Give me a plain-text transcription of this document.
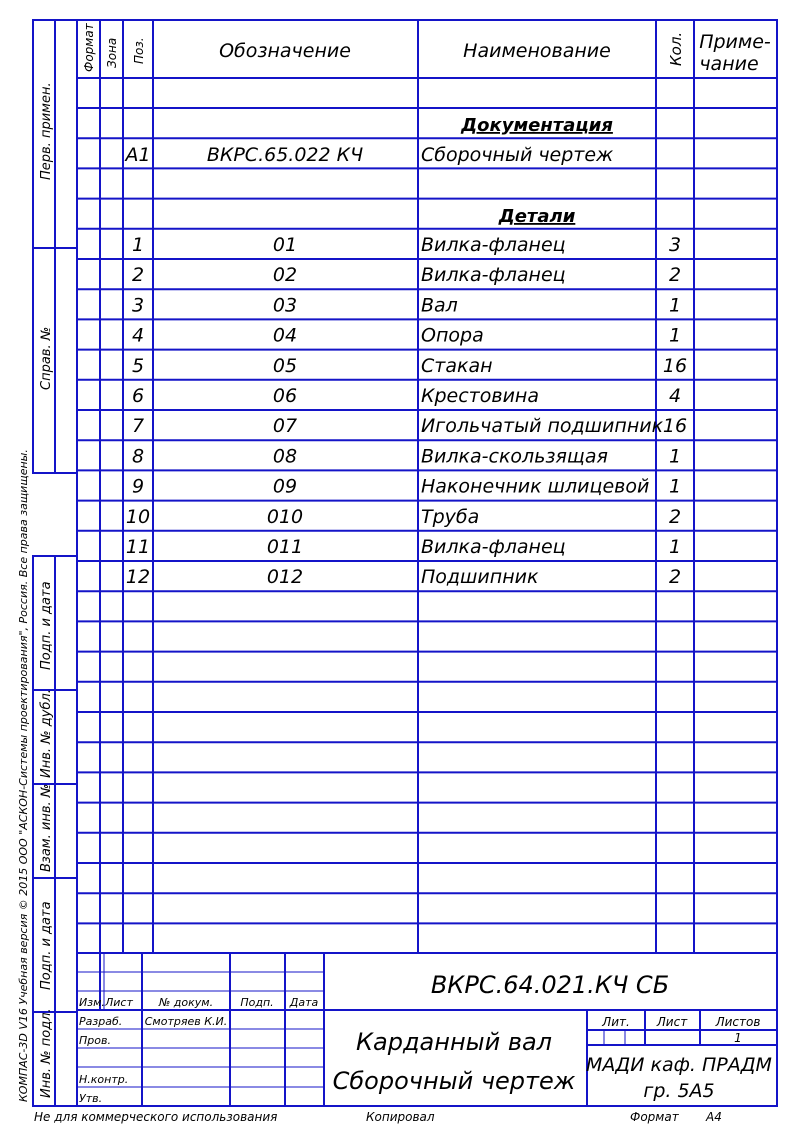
Формат Зона Поз.	Обозначение	Наименование	Кол. Приме-
чание
Перв. примен.
Справ. №
Подп. и дата
Инв. № дубл.
Взам. инв. №
Подп. и дата
Инв. № подл.
КОМПАС-3D V16 Учебная версия © 2015 ООО "АСКОН-Системы проектирования", Россия. Все права защищены.
Документация
А1	ВКРС.65.022 КЧ	Сборочный чертеж
Детали
1	01	Вилка-фланец	3
2	02	Вилка-фланец	2
3	03	Вал	1
4	04	Опора	1
5	05	Стакан	16
6	06	Крестовина	4
7	07	Игольчатый подшипник 16
8	08	Вилка-скользящая	1
9	09	Наконечник шлицевой 1
10	010	Труба	2
11	011	Вилка-фланец	1
12	012	Подшипник	2
ВКРС.64.021.КЧ СБ
Карданный вал
Сборочный чертеж
Изм. Лист № докум. Подп. Дата
Разраб. Смотряев К.И.
Пров.
Н.контр.
Утв.
Лит. Лист Листов
1
МАДИ каф. ПРАДМ
гр. 5А5
Не для коммерческого использования	Копировал	Формат А4
